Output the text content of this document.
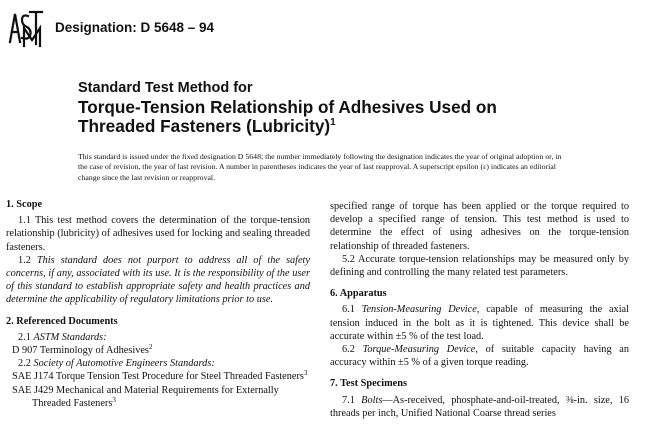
Designation: D 5648 – 94
Standard Test Method for
Torque-Tension Relationship of Adhesives Used on
Threaded Fasteners (Lubricity)$^1$
This standard is issued under the fixed designation D 5648; the number immediately following the designation indicates the year of original adoption or, in the case of revision, the year of last revision. A number in parentheses indicates the year of last reapproval. A superscript epsilon (ε) indicates an editorial change since the last revision or reapproval.

1. Scope

1.1 This test method covers the determination of the torque-tension relationship (lubricity) of adhesives used for locking and sealing threaded fasteners.

1.2 This standard does not purport to address all of the safety concerns, if any, associated with its use. It is the responsibility of the user of this standard to establish appropriate safety and health practices and determine the applicability of regulatory limitations prior to use.

2. Referenced Documents

2.1 ASTM Standards:

D 907 Terminology of Adhesives$^2$

2.2 Society of Automotive Engineers Standards:

SAE J174 Torque Tension Test Procedure for Steel Threaded Fasteners$^3$

SAE J429 Mechanical and Material Requirements for Externally Threaded Fasteners$^3$

specified range of torque has been applied or the torque required to develop a specified range of tension. This test method is used to determine the effect of using adhesives on the torque-tension relationship of threaded fasteners.

5.2 Accurate torque-tension relationships may be measured only by defining and controlling the many related test parameters.

6. Apparatus

6.1 Tension-Measuring Device, capable of measuring the axial tension induced in the bolt as it is tightened. This device shall be accurate within ±5 % of the test load.

6.2 Torque-Measuring Device, of suitable capacity having an accuracy within ±5 % of a given torque reading.

7. Test Specimens

7.1 Bolts—As-received, phosphate-and-oil-treated, ⅜-in. size, 16 threads per inch, Unified National Coarse thread series
